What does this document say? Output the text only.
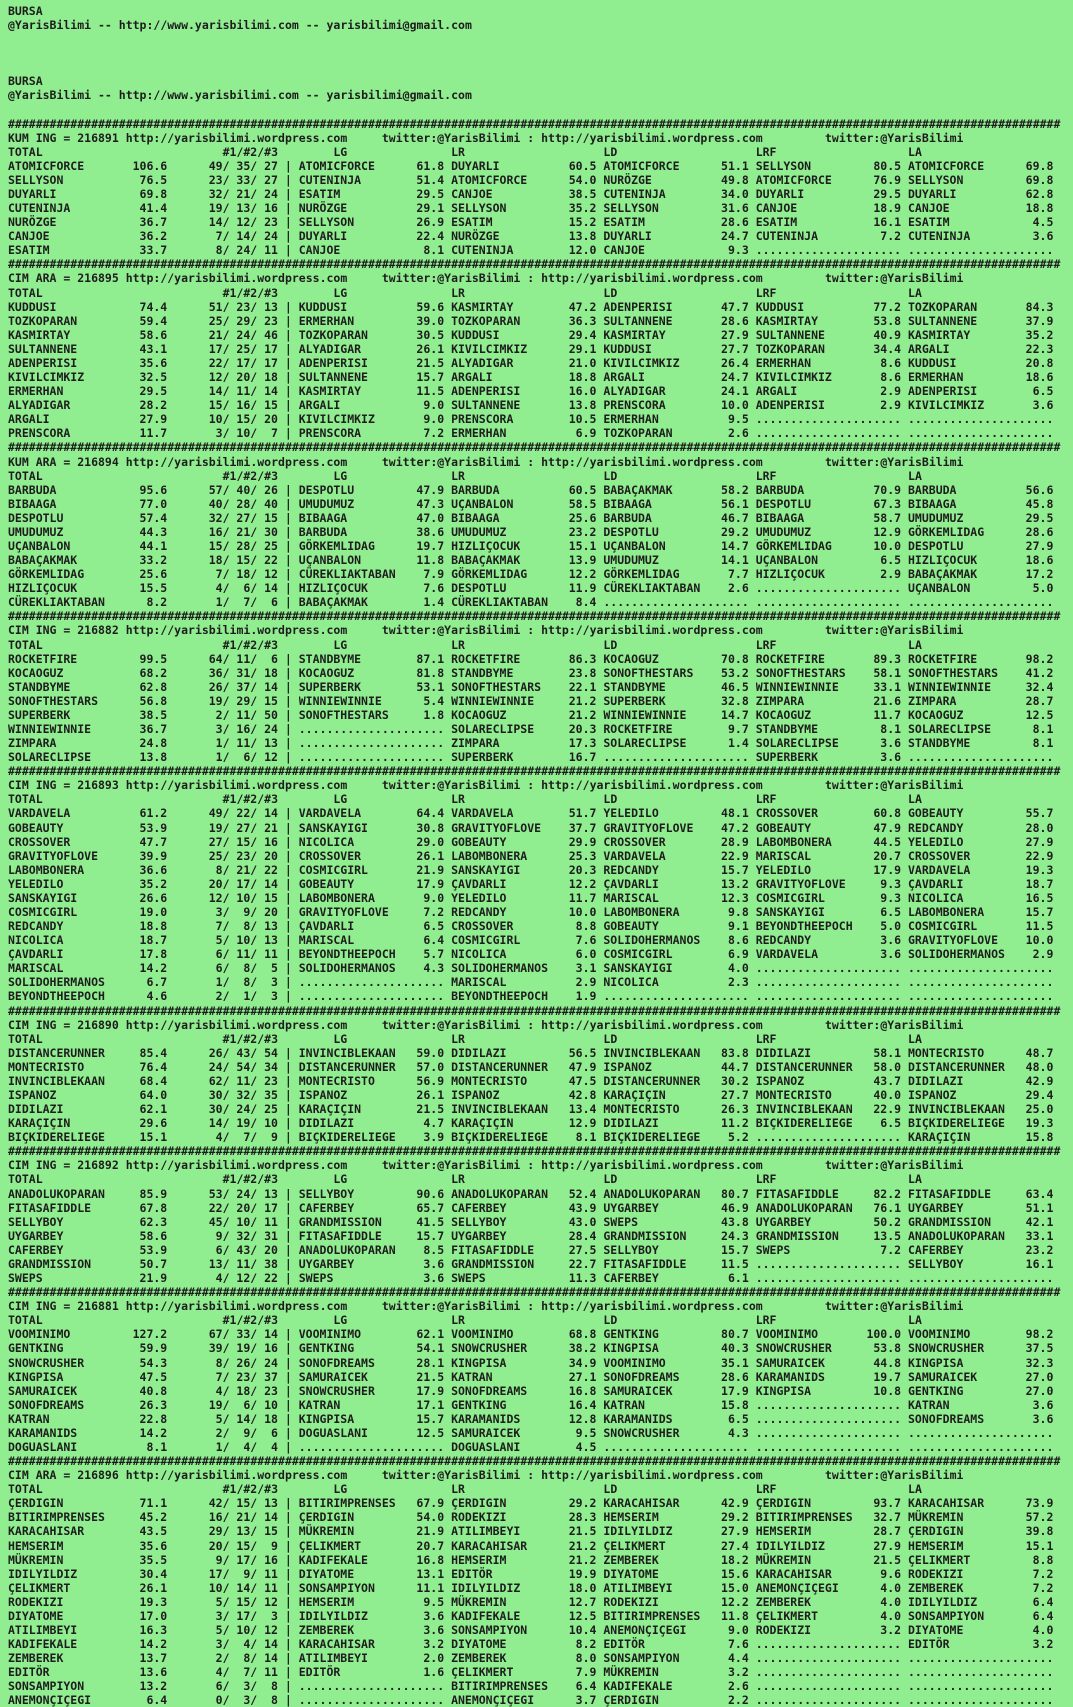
BURSA
@YarisBilimi -- http://www.yarisbilimi.com -- yarisbilimi@gmail.com
BURSA
@YarisBilimi -- http://www.yarisbilimi.com -- yarisbilimi@gmail.com
########################################################################################################################################################
KUM ING = 216891 http://yarisbilimi.wordpress.com	twitter:@YarisBilimi : http://yarisbilimi.wordpress.com	twitter:@YarisBilimi
TOTAL	#1/#2/#3	LG	LR	LD	LRF	LA
ATOMICFORCE	106.6	49/ 35/ 27 | ATOMICFORCE	61.8 DUYARLI	60.5 ATOMICFORCE	51.1 SELLYSON	80.5 ATOMICFORCE	69.8
SELLYSON	76.5	23/ 33/ 27 | CUTENINJA	51.4 ATOMICFORCE	54.0 NURÖZGE	49.8 ATOMICFORCE	76.9 SELLYSON	69.8
DUYARLI	69.8	32/ 21/ 24 | ESATIM	29.5 CANJOE	38.5 CUTENINJA	34.0 DUYARLI	29.5 DUYARLI	62.8
CUTENINJA	41.4	19/ 13/ 16 | NURÖZGE	29.1 SELLYSON	35.2 SELLYSON	31.6 CANJOE	18.9 CANJOE	18.8
NURÖZGE	36.7	14/ 12/ 23 | SELLYSON	26.9 ESATIM	15.2 ESATIM	28.6 ESATIM	16.1 ESATIM	4.5
CANJOE	36.2	7/ 14/ 24 | DUYARLI	22.4 NURÖZGE	13.8 DUYARLI	24.7 CUTENINJA	7.2 CUTENINJA	3.6
ESATIM	33.7	8/ 24/ 11 | CANJOE	8.1 CUTENINJA	12.0 CANJOE	9.3 ..................... .....................
########################################################################################################################################################
CIM ARA = 216895 http://yarisbilimi.wordpress.com	twitter:@YarisBilimi : http://yarisbilimi.wordpress.com	twitter:@YarisBilimi
TOTAL	#1/#2/#3	LG	LR	LD	LRF	LA
KUDDUSI	74.4	51/ 23/ 13 | KUDDUSI	59.6 KASMIRTAY	47.2 ADENPERISI	47.7 KUDDUSI	77.2 TOZKOPARAN	84.3
TOZKOPARAN	59.4	25/ 29/ 23 | ERMERHAN	39.0 TOZKOPARAN	36.3 SULTANNENE	28.6 KASMIRTAY	53.8 SULTANNENE	37.9
KASMIRTAY	58.6	21/ 24/ 46 | TOZKOPARAN	30.5 KUDDUSI	29.4 KASMIRTAY	27.9 SULTANNENE	40.9 KASMIRTAY	35.2
SULTANNENE	43.1	17/ 25/ 17 | ALYADIGAR	26.1 KIVILCIMKIZ	29.1 KUDDUSI	27.7 TOZKOPARAN	34.4 ARGALI	22.3
ADENPERISI	35.6	22/ 17/ 17 | ADENPERISI	21.5 ALYADIGAR	21.0 KIVILCIMKIZ	26.4 ERMERHAN	8.6 KUDDUSI	20.8
KIVILCIMKIZ	32.5	12/ 20/ 18 | SULTANNENE	15.7 ARGALI	18.8 ARGALI	24.7 KIVILCIMKIZ	8.6 ERMERHAN	18.6
ERMERHAN	29.5	14/ 11/ 14 | KASMIRTAY	11.5 ADENPERISI	16.0 ALYADIGAR	24.1 ARGALI	2.9 ADENPERISI	6.5
ALYADIGAR	28.2	15/ 16/ 15 | ARGALI	9.0 SULTANNENE	13.8 PRENSCORA	10.0 ADENPERISI	2.9 KIVILCIMKIZ	3.6
ARGALI	27.9	10/ 15/ 20 | KIVILCIMKIZ	9.0 PRENSCORA	10.5 ERMERHAN	9.5 ..................... .....................
PRENSCORA	11.7	3/ 10/  7 | PRENSCORA	7.2 ERMERHAN	6.9 TOZKOPARAN	2.6 ..................... .....................
########################################################################################################################################################
KUM ARA = 216894 http://yarisbilimi.wordpress.com	twitter:@YarisBilimi : http://yarisbilimi.wordpress.com	twitter:@YarisBilimi
TOTAL	#1/#2/#3	LG	LR	LD	LRF	LA
BARBUDA	95.6	57/ 40/ 26 | DESPOTLU	47.9 BARBUDA	60.5 BABAÇAKMAK	58.2 BARBUDA	70.9 BARBUDA	56.6
BIBAAGA	77.0	40/ 28/ 40 | UMUDUMUZ	47.3 UÇANBALON	58.5 BIBAAGA	56.1 DESPOTLU	67.3 BIBAAGA	45.8
DESPOTLU	57.4	32/ 27/ 15 | BIBAAGA	47.0 BIBAAGA	25.6 BARBUDA	46.7 BIBAAGA	58.7 UMUDUMUZ	29.5
UMUDUMUZ	44.3	16/ 21/ 30 | BARBUDA	38.6 UMUDUMUZ	23.2 DESPOTLU	29.2 UMUDUMUZ	12.9 GÖRKEMLIDAG	28.6
UÇANBALON	44.1	15/ 28/ 25 | GÖRKEMLIDAG	19.7 HIZLIÇOCUK	15.1 UÇANBALON	14.7 GÖRKEMLIDAG	10.0 DESPOTLU	27.9
BABAÇAKMAK	33.2	18/ 15/ 22 | UÇANBALON	11.8 BABAÇAKMAK	13.9 UMUDUMUZ	14.1 UÇANBALON	6.5 HIZLIÇOCUK	18.6
GÖRKEMLIDAG	25.6	7/ 18/ 12 | CÜREKLIAKTABAN 7.9 GÖRKEMLIDAG	12.2 GÖRKEMLIDAG	7.7 HIZLIÇOCUK	2.9 BABAÇAKMAK	17.2
HIZLIÇOCUK	15.5	4/  6/ 14 | HIZLIÇOCUK	7.6 DESPOTLU	11.9 CÜREKLIAKTABAN 2.6 ..................... UÇANBALON	5.0
CÜREKLIAKTABAN	8.2	1/  7/  6 | BABAÇAKMAK	1.4 CÜREKLIAKTABAN 8.4 ..................... ..................... .....................
########################################################################################################################################################
CIM ING = 216882 http://yarisbilimi.wordpress.com	twitter:@YarisBilimi : http://yarisbilimi.wordpress.com	twitter:@YarisBilimi
TOTAL	#1/#2/#3	LG	LR	LD	LRF	LA
ROCKETFIRE	99.5	64/ 11/  6 | STANDBYME	87.1 ROCKETFIRE	86.3 KOCAOGUZ	70.8 ROCKETFIRE	89.3 ROCKETFIRE	98.2
KOCAOGUZ	68.2	36/ 31/ 18 | KOCAOGUZ	81.8 STANDBYME	23.8 SONOFTHESTARS 53.2 SONOFTHESTARS 58.1 SONOFTHESTARS 41.2
STANDBYME	62.8	26/ 37/ 14 | SUPERBERK	53.1 SONOFTHESTARS 22.1 STANDBYME	46.5 WINNIEWINNIE	33.1 WINNIEWINNIE	32.4
SONOFTHESTARS	56.8	19/ 29/ 15 | WINNIEWINNIE	5.4 WINNIEWINNIE	21.2 SUPERBERK	32.8 ZIMPARA	21.6 ZIMPARA	28.7
SUPERBERK	38.5	2/ 11/ 50 | SONOFTHESTARS	1.8 KOCAOGUZ	21.2 WINNIEWINNIE	14.7 KOCAOGUZ	11.7 KOCAOGUZ	12.5
WINNIEWINNIE	36.7	3/ 16/ 24 | ..................... SOLARECLIPSE	20.3 ROCKETFIRE	9.7 STANDBYME	8.1 SOLARECLIPSE	8.1
ZIMPARA	24.8	1/ 11/ 13 | ..................... ZIMPARA	17.3 SOLARECLIPSE	1.4 SOLARECLIPSE	3.6 STANDBYME	8.1
SOLARECLIPSE	13.8	1/  6/ 12 | ..................... SUPERBERK	16.7 ..................... SUPERBERK	3.6 .....................
########################################################################################################################################################
CIM ING = 216893 http://yarisbilimi.wordpress.com	twitter:@YarisBilimi : http://yarisbilimi.wordpress.com	twitter:@YarisBilimi
TOTAL	#1/#2/#3	LG	LR	LD	LRF	LA
VARDAVELA	61.2	49/ 22/ 14 | VARDAVELA	64.4 VARDAVELA	51.7 YELEDILO	48.1 CROSSOVER	60.8 GOBEAUTY	55.7
GOBEAUTY	53.9	19/ 27/ 21 | SANSKAYIGI	30.8 GRAVITYOFLOVE 37.7 GRAVITYOFLOVE 47.2 GOBEAUTY	47.9 REDCANDY	28.0
CROSSOVER	47.7	27/ 15/ 16 | NICOLICA	29.0 GOBEAUTY	29.9 CROSSOVER	28.9 LABOMBONERA	44.5 YELEDILO	27.9
GRAVITYOFLOVE	39.9	25/ 23/ 20 | CROSSOVER	26.1 LABOMBONERA	25.3 VARDAVELA	22.9 MARISCAL	20.7 CROSSOVER	22.9
LABOMBONERA	36.6	8/ 21/ 22 | COSMICGIRL	21.9 SANSKAYIGI	20.3 REDCANDY	15.7 YELEDILO	17.9 VARDAVELA	19.3
YELEDILO	35.2	20/ 17/ 14 | GOBEAUTY	17.9 ÇAVDARLI	12.2 ÇAVDARLI	13.2 GRAVITYOFLOVE	9.3 ÇAVDARLI	18.7
SANSKAYIGI	26.6	12/ 10/ 15 | LABOMBONERA	9.0 YELEDILO	11.7 MARISCAL	12.3 COSMICGIRL	9.3 NICOLICA	16.5
COSMICGIRL	19.0	3/  9/ 20 | GRAVITYOFLOVE	7.2 REDCANDY	10.0 LABOMBONERA	9.8 SANSKAYIGI	6.5 LABOMBONERA	15.7
REDCANDY	18.8	7/  8/ 13 | ÇAVDARLI	6.5 CROSSOVER	8.8 GOBEAUTY	9.1 BEYONDTHEEPOCH 5.0 COSMICGIRL	11.5
NICOLICA	18.7	5/ 10/ 13 | MARISCAL	6.4 COSMICGIRL	7.6 SOLIDOHERMANOS 8.6 REDCANDY	3.6 GRAVITYOFLOVE 10.0
ÇAVDARLI	17.8	6/ 11/ 11 | BEYONDTHEEPOCH 5.7 NICOLICA	6.0 COSMICGIRL	6.9 VARDAVELA	3.6 SOLIDOHERMANOS 2.9
MARISCAL	14.2	6/  8/  5 | SOLIDOHERMANOS 4.3 SOLIDOHERMANOS 3.1 SANSKAYIGI	4.0 ..................... .....................
SOLIDOHERMANOS	6.7	1/  8/  3 | ..................... MARISCAL	2.9 NICOLICA	2.3 ..................... .....................
BEYONDTHEEPOCH	4.6	2/  1/  3 | ..................... BEYONDTHEEPOCH 1.9 ..................... ..................... .....................
########################################################################################################################################################
CIM ING = 216890 http://yarisbilimi.wordpress.com	twitter:@YarisBilimi : http://yarisbilimi.wordpress.com	twitter:@YarisBilimi
TOTAL	#1/#2/#3	LG	LR	LD	LRF	LA
DISTANCERUNNER	85.4	26/ 43/ 54 | INVINCIBLEKAAN 59.0 DIDILAZI	56.5 INVINCIBLEKAAN 83.8 DIDILAZI	58.1 MONTECRISTO	48.7
MONTECRISTO	76.4	24/ 54/ 34 | DISTANCERUNNER 57.0 DISTANCERUNNER 47.9 ISPANOZ	44.7 DISTANCERUNNER 58.0 DISTANCERUNNER 48.0
INVINCIBLEKAAN	68.4	62/ 11/ 23 | MONTECRISTO	56.9 MONTECRISTO	47.5 DISTANCERUNNER 30.2 ISPANOZ	43.7 DIDILAZI	42.9
ISPANOZ	64.0	30/ 32/ 35 | ISPANOZ	26.1 ISPANOZ	42.8 KARAÇIÇIN	27.7 MONTECRISTO	40.0 ISPANOZ	29.4
DIDILAZI	62.1	30/ 24/ 25 | KARAÇIÇIN	21.5 INVINCIBLEKAAN 13.4 MONTECRISTO	26.3 INVINCIBLEKAAN 22.9 INVINCIBLEKAAN 25.0
KARAÇIÇIN	29.6	14/ 19/ 10 | DIDILAZI	4.7 KARAÇIÇIN	12.9 DIDILAZI	11.2 BIÇKIDERELIEGE 6.5 BIÇKIDERELIEGE 19.3
BIÇKIDERELIEGE	15.1	4/  7/  9 | BIÇKIDERELIEGE 3.9 BIÇKIDERELIEGE 8.1 BIÇKIDERELIEGE 5.2 ..................... KARAÇIÇIN	15.8
########################################################################################################################################################
CIM ING = 216892 http://yarisbilimi.wordpress.com	twitter:@YarisBilimi : http://yarisbilimi.wordpress.com	twitter:@YarisBilimi
TOTAL	#1/#2/#3	LG	LR	LD	LRF	LA
ANADOLUKOPARAN	85.9	53/ 24/ 13 | SELLYBOY	90.6 ANADOLUKOPARAN 52.4 ANADOLUKOPARAN 80.7 FITASAFIDDLE	82.2 FITASAFIDDLE	63.4
FITASAFIDDLE	67.8	22/ 20/ 17 | CAFERBEY	65.7 CAFERBEY	43.9 UYGARBEY	46.9 ANADOLUKOPARAN 76.1 UYGARBEY	51.1
SELLYBOY	62.3	45/ 10/ 11 | GRANDMISSION	41.5 SELLYBOY	43.0 SWEPS	43.8 UYGARBEY	50.2 GRANDMISSION	42.1
UYGARBEY	58.6	9/ 32/ 31 | FITASAFIDDLE	15.7 UYGARBEY	28.4 GRANDMISSION	24.3 GRANDMISSION	13.5 ANADOLUKOPARAN 33.1
CAFERBEY	53.9	6/ 43/ 20 | ANADOLUKOPARAN 8.5 FITASAFIDDLE	27.5 SELLYBOY	15.7 SWEPS	7.2 CAFERBEY	23.2
GRANDMISSION	50.7	13/ 11/ 38 | UYGARBEY	3.6 GRANDMISSION	22.7 FITASAFIDDLE	11.5 ..................... SELLYBOY	16.1
SWEPS	21.9	4/ 12/ 22 | SWEPS	3.6 SWEPS	11.3 CAFERBEY	6.1 ..................... .....................
########################################################################################################################################################
CIM ING = 216881 http://yarisbilimi.wordpress.com	twitter:@YarisBilimi : http://yarisbilimi.wordpress.com	twitter:@YarisBilimi
TOTAL	#1/#2/#3	LG	LR	LD	LRF	LA
VOOMINIMO	127.2	67/ 33/ 14 | VOOMINIMO	62.1 VOOMINIMO	68.8 GENTKING	80.7 VOOMINIMO	100.0 VOOMINIMO	98.2
GENTKING	59.9	39/ 19/ 16 | GENTKING	54.1 SNOWCRUSHER	38.2 KINGPISA	40.3 SNOWCRUSHER	53.8 SNOWCRUSHER	37.5
SNOWCRUSHER	54.3	8/ 26/ 24 | SONOFDREAMS	28.1 KINGPISA	34.9 VOOMINIMO	35.1 SAMURAICEK	44.8 KINGPISA	32.3
KINGPISA	47.5	7/ 23/ 37 | SAMURAICEK	21.5 KATRAN	27.1 SONOFDREAMS	28.6 KARAMANIDS	19.7 SAMURAICEK	27.0
SAMURAICEK	40.8	4/ 18/ 23 | SNOWCRUSHER	17.9 SONOFDREAMS	16.8 SAMURAICEK	17.9 KINGPISA	10.8 GENTKING	27.0
SONOFDREAMS	26.3	19/  6/ 10 | KATRAN	17.1 GENTKING	16.4 KATRAN	15.8 ..................... KATRAN	3.6
KATRAN	22.8	5/ 14/ 18 | KINGPISA	15.7 KARAMANIDS	12.8 KARAMANIDS	6.5 ..................... SONOFDREAMS	3.6
KARAMANIDS	14.2	2/  9/  6 | DOGUASLANI	12.5 SAMURAICEK	9.5 SNOWCRUSHER	4.3 ..................... .....................
DOGUASLANI	8.1	1/  4/  4 | ..................... DOGUASLANI	4.5 ..................... ..................... .....................
########################################################################################################################################################
CIM ARA = 216896 http://yarisbilimi.wordpress.com	twitter:@YarisBilimi : http://yarisbilimi.wordpress.com	twitter:@YarisBilimi
TOTAL	#1/#2/#3	LG	LR	LD	LRF	LA
ÇERDIGIN	71.1	42/ 15/ 13 | BITIRIMPRENSES 67.9 ÇERDIGIN	29.2 KARACAHISAR	42.9 ÇERDIGIN	93.7 KARACAHISAR	73.9
BITIRIMPRENSES	45.2	16/ 21/ 14 | ÇERDIGIN	54.0 RODEKIZI	28.3 HEMSERIM	29.2 BITIRIMPRENSES 32.7 MÜKREMIN	57.2
KARACAHISAR	43.5	29/ 13/ 15 | MÜKREMIN	21.9 ATILIMBEYI	21.5 IDILYILDIZ	27.9 HEMSERIM	28.7 ÇERDIGIN	39.8
HEMSERIM	35.6	20/ 15/  9 | ÇELIKMERT	20.7 KARACAHISAR	21.2 ÇELIKMERT	27.4 IDILYILDIZ	27.9 HEMSERIM	15.1
MÜKREMIN	35.5	9/ 17/ 16 | KADIFEKALE	16.8 HEMSERIM	21.2 ZEMBEREK	18.2 MÜKREMIN	21.5 ÇELIKMERT	8.8
IDILYILDIZ	30.4	17/  9/ 11 | DIYATOME	13.1 EDITÖR	19.9 DIYATOME	15.6 KARACAHISAR	9.6 RODEKIZI	7.2
ÇELIKMERT	26.1	10/ 14/ 11 | SONSAMPIYON	11.1 IDILYILDIZ	18.0 ATILIMBEYI	15.0 ANEMONÇIÇEGI	4.0 ZEMBEREK	7.2
RODEKIZI	19.3	5/ 15/ 12 | HEMSERIM	9.5 MÜKREMIN	12.7 RODEKIZI	12.2 ZEMBEREK	4.0 IDILYILDIZ	6.4
DIYATOME	17.0	3/ 17/  3 | IDILYILDIZ	3.6 KADIFEKALE	12.5 BITIRIMPRENSES 11.8 ÇELIKMERT	4.0 SONSAMPIYON	6.4
ATILIMBEYI	16.3	5/ 10/ 12 | ZEMBEREK	3.6 SONSAMPIYON	10.4 ANEMONÇIÇEGI	9.0 RODEKIZI	3.2 DIYATOME	4.0
KADIFEKALE	14.2	3/  4/ 14 | KARACAHISAR	3.2 DIYATOME	8.2 EDITÖR	7.6 ..................... EDITÖR	3.2
ZEMBEREK	13.7	2/  8/ 14 | ATILIMBEYI	2.0 ZEMBEREK	8.0 SONSAMPIYON	4.4 ..................... .....................
EDITÖR	13.6	4/  7/ 11 | EDITÖR	1.6 ÇELIKMERT	7.9 MÜKREMIN	3.2 ..................... .....................
SONSAMPIYON	13.2	6/  3/  8 | ..................... BITIRIMPRENSES 6.4 KADIFEKALE	2.6 ..................... .....................
ANEMONÇIÇEGI	6.4	0/  3/  8 | ..................... ANEMONÇIÇEGI	3.7 ÇERDIGIN	2.2 ..................... .....................
